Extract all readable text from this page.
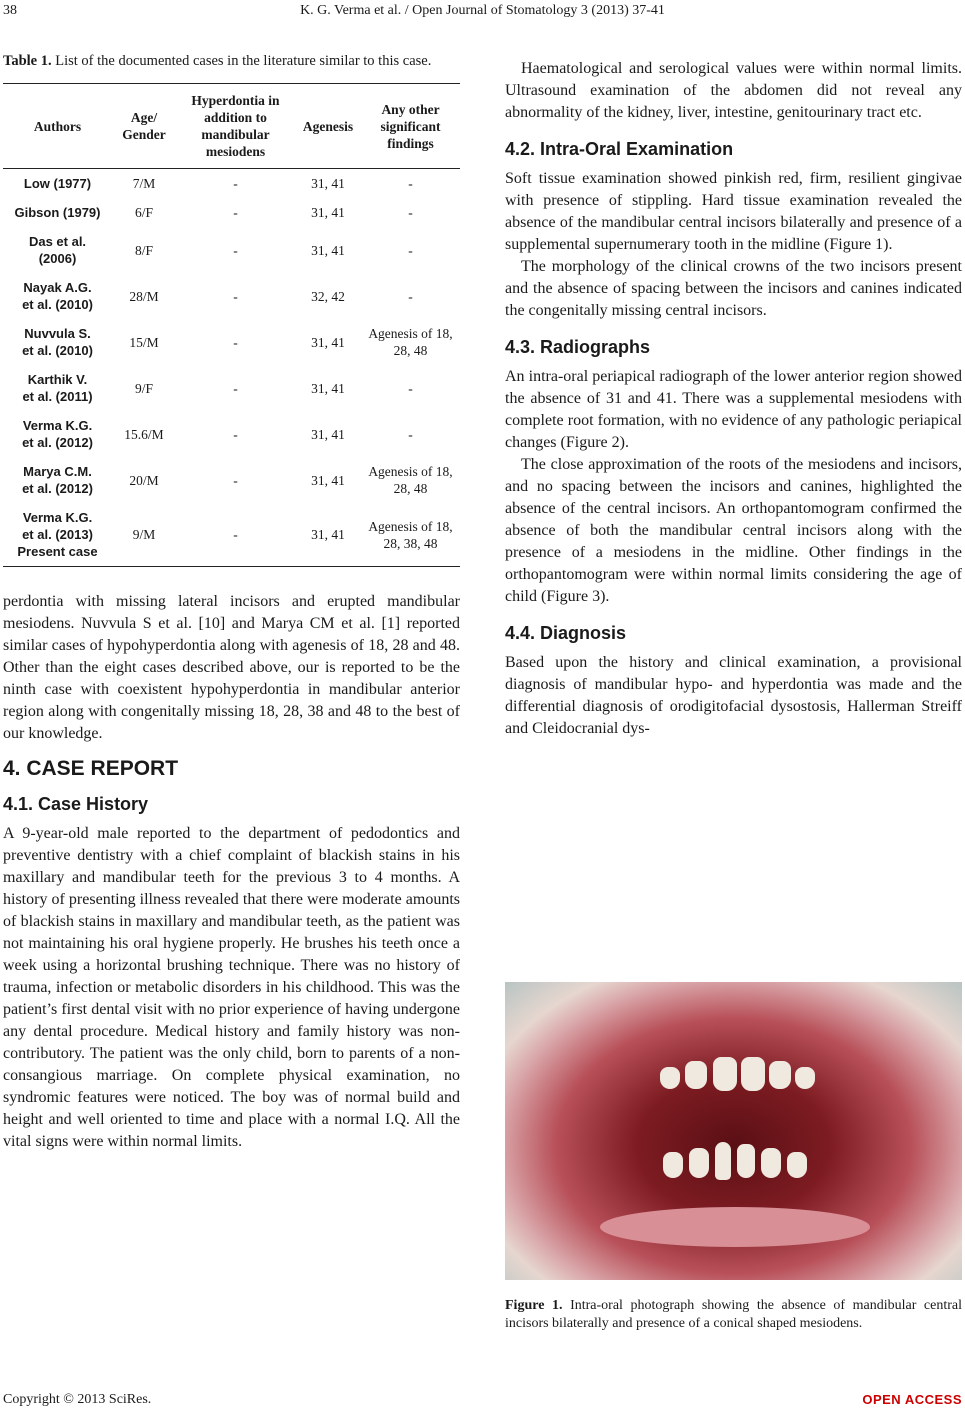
38	K. G. Verma et al. / Open Journal of Stomatology 3 (2013) 37-41

Table 1. List of the documented cases in the literature similar to this case.

Authors	Age/ Gender	Hyperdontia in addition to mandibular mesiodens	Agenesis	Any other significant findings

Low (1977)	7/M	-	31, 41	-

Gibson (1979)	6/F	-	31, 41	-

Das et al.
(2006)	8/F	-	31, 41	-

Nayak A.G.
et al. (2010)	28/M	-	32, 42	-

Nuvvula S.
et al. (2010)	15/M	-	31, 41	Agenesis of 18, 28, 48

Karthik V.
et al. (2011)	9/F	-	31, 41	-

Verma K.G.
et al. (2012)	15.6/M	-	31, 41	-

Marya C.M.
et al. (2012)	20/M	-	31, 41	Agenesis of 18, 28, 48

Verma K.G.
et al. (2013)
Present case	9/M	-	31, 41	Agenesis of 18, 28, 38, 48

perdontia with missing lateral incisors and erupted mandibular mesiodens. Nuvvula S et al. [10] and Marya CM et al. [1] reported similar cases of hypohyperdontia along with agenesis of 18, 28 and 48. Other than the eight cases described above, our is reported to be the ninth case with coexistent hypohyperdontia in mandibular anterior region along with congenitally missing 18, 28, 38 and 48 to the best of our knowledge.

4. CASE REPORT
4.1. Case History

A 9-year-old male reported to the department of pedodontics and preventive dentistry with a chief complaint of blackish stains in his maxillary and mandibular teeth for the previous 3 to 4 months. A history of presenting illness revealed that there were moderate amounts of blackish stains in maxillary and mandibular teeth, as the patient was not maintaining his oral hygiene properly. He brushes his teeth once a week using a horizontal brushing technique. There was no history of trauma, infection or metabolic disorders in his childhood. This was the patient’s first dental visit with no prior experience of having undergone any dental procedure. Medical history and family history was non-contributory. The patient was the only child, born to parents of a non-consangious marriage. On complete physical examination, no syndromic features were noticed. The boy was of normal build and height and well oriented to time and place with a normal I.Q. All the vital signs were within normal limits.

Haematological and serological values were within normal limits. Ultrasound examination of the abdomen did not reveal any abnormality of the kidney, liver, intestine, genitourinary tract etc.

4.2. Intra-Oral Examination

Soft tissue examination showed pinkish red, firm, resilient gingivae with presence of stippling. Hard tissue examination revealed the absence of the mandibular central incisors bilaterally and presence of a supplemental supernumerary tooth in the midline (Figure 1).

The morphology of the clinical crowns of the two incisors present and the absence of spacing between the incisors and canines indicated the congenitally missing central incisors.

4.3. Radiographs

An intra-oral periapical radiograph of the lower anterior region showed the absence of 31 and 41. There was a supplemental mesiodens with complete root formation, with no evidence of any pathologic periapical changes (Figure 2).

The close approximation of the roots of the mesiodens and incisors, and no spacing between the incisors and canines, highlighted the absence of the central incisors. An orthopantomogram confirmed the absence of both the mandibular central incisors along with the presence of a mesiodens in the midline. Other findings in the orthopantomogram were within normal limits considering the age of child (Figure 3).

4.4. Diagnosis

Based upon the history and clinical examination, a provisional diagnosis of mandibular hypo- and hyperdontia was made and the differential diagnosis of orodigitofacial dysostosis, Hallerman Streiff and Cleidocranial dys-

Figure 1. Intra-oral photograph showing the absence of mandibular central incisors bilaterally and presence of a conical shaped mesiodens.
Copyright © 2013 SciRes.	OPEN ACCESS
